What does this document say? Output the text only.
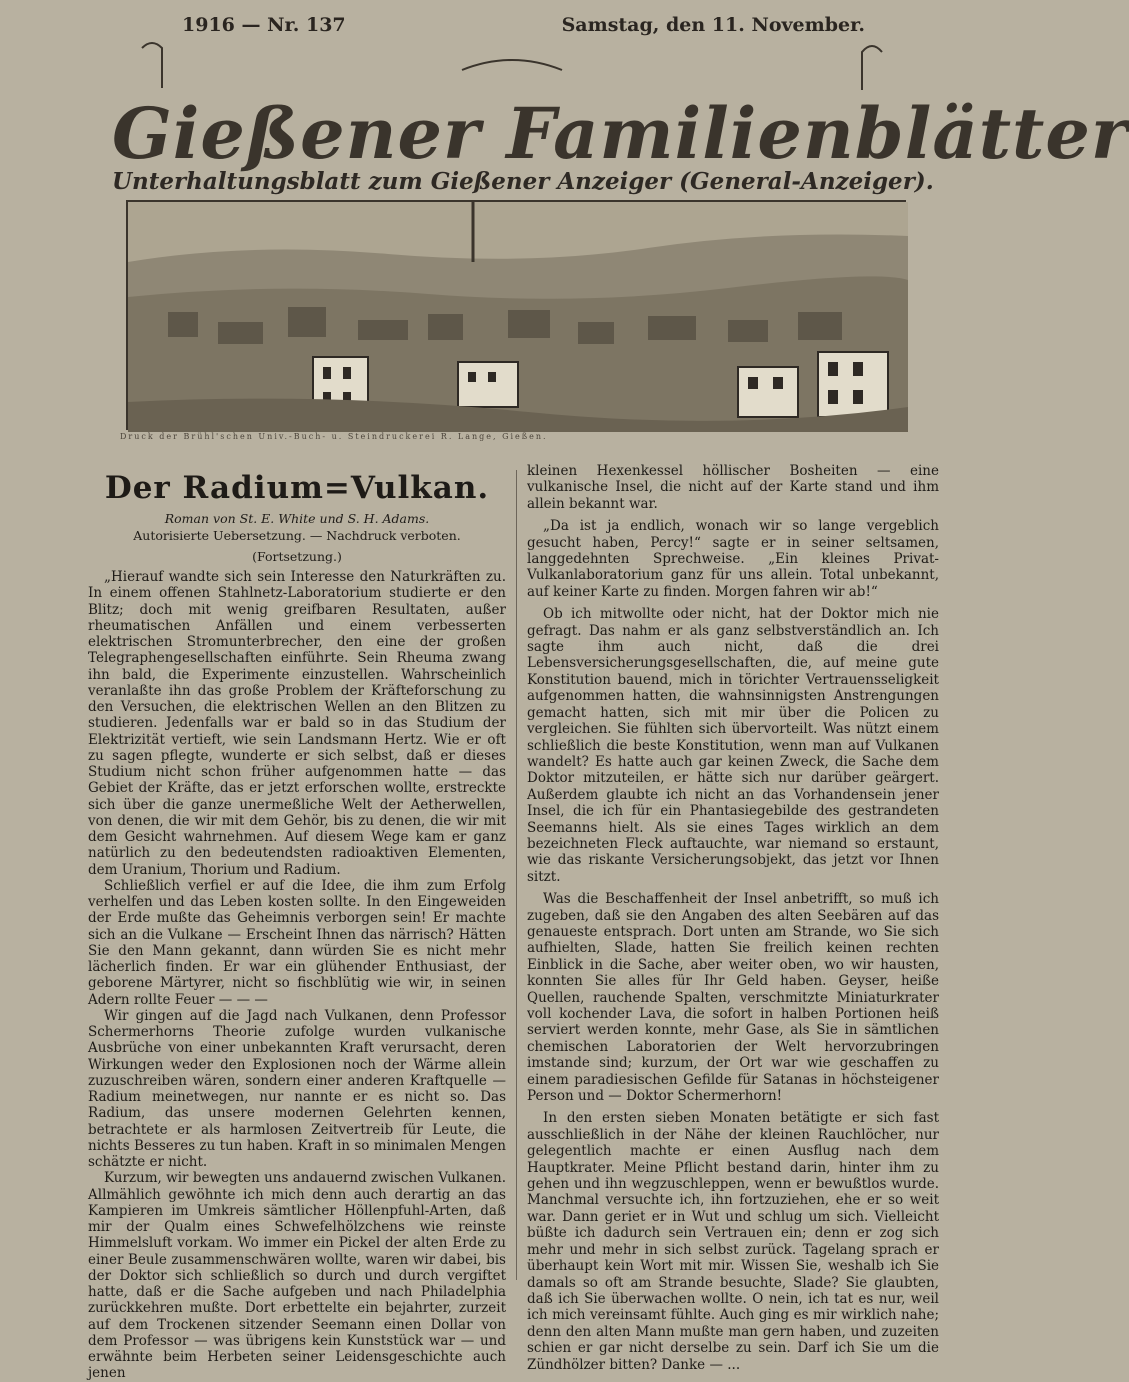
1916 — Nr. 137	Samstag, den 11. November.
Gießener Familienblätter
Unterhaltungsblatt zum Gießener Anzeiger (General-Anzeiger).
Druck der Brühl'schen Univ.-Buch- u. Steindruckerei R. Lange, Gießen.
Der Radium=Vulkan.
Roman von St. E. White und S. H. Adams.
Autorisierte Uebersetzung. — Nachdruck verboten.
(Fortsetzung.)

„Hierauf wandte sich sein Interesse den Naturkräften zu. In einem offenen Stahlnetz-Laboratorium studierte er den Blitz; doch mit wenig greifbaren Resultaten, außer rheumatischen Anfällen und einem verbesserten elektrischen Stromunterbrecher, den eine der großen Telegraphengesellschaften einführte. Sein Rheuma zwang ihn bald, die Experimente einzustellen. Wahrscheinlich veranlaßte ihn das große Problem der Kräfteforschung zu den Versuchen, die elektrischen Wellen an den Blitzen zu studieren. Jedenfalls war er bald so in das Studium der Elektrizität vertieft, wie sein Landsmann Hertz. Wie er oft zu sagen pflegte, wunderte er sich selbst, daß er dieses Studium nicht schon früher aufgenommen hatte — das Gebiet der Kräfte, das er jetzt erforschen wollte, erstreckte sich über die ganze unermeßliche Welt der Aetherwellen, von denen, die wir mit dem Gehör, bis zu denen, die wir mit dem Gesicht wahrnehmen. Auf diesem Wege kam er ganz natürlich zu den bedeutendsten radioaktiven Elementen, dem Uranium, Thorium und Radium.

Schließlich verfiel er auf die Idee, die ihm zum Erfolg verhelfen und das Leben kosten sollte. In den Eingeweiden der Erde mußte das Geheimnis verborgen sein! Er machte sich an die Vulkane — Erscheint Ihnen das närrisch? Hätten Sie den Mann gekannt, dann würden Sie es nicht mehr lächerlich finden. Er war ein glühender Enthusiast, der geborene Märtyrer, nicht so fischblütig wie wir, in seinen Adern rollte Feuer — — —

Wir gingen auf die Jagd nach Vulkanen, denn Professor Schermerhorns Theorie zufolge wurden vulkanische Ausbrüche von einer unbekannten Kraft verursacht, deren Wirkungen weder den Explosionen noch der Wärme allein zuzuschreiben wären, sondern einer anderen Kraftquelle — Radium meinetwegen, nur nannte er es nicht so. Das Radium, das unsere modernen Gelehrten kennen, betrachtete er als harmlosen Zeitvertreib für Leute, die nichts Besseres zu tun haben. Kraft in so minimalen Mengen schätzte er nicht.

Kurzum, wir bewegten uns andauernd zwischen Vulkanen. Allmählich gewöhnte ich mich denn auch derartig an das Kampieren im Umkreis sämtlicher Höllenpfuhl-Arten, daß mir der Qualm eines Schwefelhölzchens wie reinste Himmelsluft vorkam. Wo immer ein Pickel der alten Erde zu einer Beule zusammenschwären wollte, waren wir dabei, bis der Doktor sich schließlich so durch und durch vergiftet hatte, daß er die Sache aufgeben und nach Philadelphia zurückkehren mußte. Dort erbettelte ein bejahrter, zurzeit auf dem Trockenen sitzender Seemann einen Dollar von dem Professor — was übrigens kein Kunststück war — und erwähnte beim Herbeten seiner Leidensgeschichte auch jenen

kleinen Hexenkessel höllischer Bosheiten — eine vulkanische Insel, die nicht auf der Karte stand und ihm allein bekannt war.

„Da ist ja endlich, wonach wir so lange vergeblich gesucht haben, Percy!“ sagte er in seiner seltsamen, langgedehnten Sprechweise. „Ein kleines Privat-Vulkanlaboratorium ganz für uns allein. Total unbekannt, auf keiner Karte zu finden. Morgen fahren wir ab!“

Ob ich mitwollte oder nicht, hat der Doktor mich nie gefragt. Das nahm er als ganz selbstverständlich an. Ich sagte ihm auch nicht, daß die drei Lebensversicherungsgesellschaften, die, auf meine gute Konstitution bauend, mich in törichter Vertrauensseligkeit aufgenommen hatten, die wahnsinnigsten Anstrengungen gemacht hatten, sich mit mir über die Policen zu vergleichen. Sie fühlten sich übervorteilt. Was nützt einem schließlich die beste Konstitution, wenn man auf Vulkanen wandelt? Es hatte auch gar keinen Zweck, die Sache dem Doktor mitzuteilen, er hätte sich nur darüber geärgert. Außerdem glaubte ich nicht an das Vorhandensein jener Insel, die ich für ein Phantasiegebilde des gestrandeten Seemanns hielt. Als sie eines Tages wirklich an dem bezeichneten Fleck auftauchte, war niemand so erstaunt, wie das riskante Versicherungsobjekt, das jetzt vor Ihnen sitzt.

Was die Beschaffenheit der Insel anbetrifft, so muß ich zugeben, daß sie den Angaben des alten Seebären auf das genaueste entsprach. Dort unten am Strande, wo Sie sich aufhielten, Slade, hatten Sie freilich keinen rechten Einblick in die Sache, aber weiter oben, wo wir hausten, konnten Sie alles für Ihr Geld haben. Geyser, heiße Quellen, rauchende Spalten, verschmitzte Miniaturkrater voll kochender Lava, die sofort in halben Portionen heiß serviert werden konnte, mehr Gase, als Sie in sämtlichen chemischen Laboratorien der Welt hervorzubringen imstande sind; kurzum, der Ort war wie geschaffen zu einem paradiesischen Gefilde für Satanas in höchsteigener Person und — Doktor Schermerhorn!

In den ersten sieben Monaten betätigte er sich fast ausschließlich in der Nähe der kleinen Rauchlöcher, nur gelegentlich machte er einen Ausflug nach dem Hauptkrater. Meine Pflicht bestand darin, hinter ihm zu gehen und ihn wegzuschleppen, wenn er bewußtlos wurde. Manchmal versuchte ich, ihn fortzuziehen, ehe er so weit war. Dann geriet er in Wut und schlug um sich. Vielleicht büßte ich dadurch sein Vertrauen ein; denn er zog sich mehr und mehr in sich selbst zurück. Tagelang sprach er überhaupt kein Wort mit mir. Wissen Sie, weshalb ich Sie damals so oft am Strande besuchte, Slade? Sie glaubten, daß ich Sie überwachen wollte. O nein, ich tat es nur, weil ich mich vereinsamt fühlte. Auch ging es mir wirklich nahe; denn den alten Mann mußte man gern haben, und zuzeiten schien er gar nicht derselbe zu sein. Darf ich Sie um die Zündhölzer bitten? Danke — ...
